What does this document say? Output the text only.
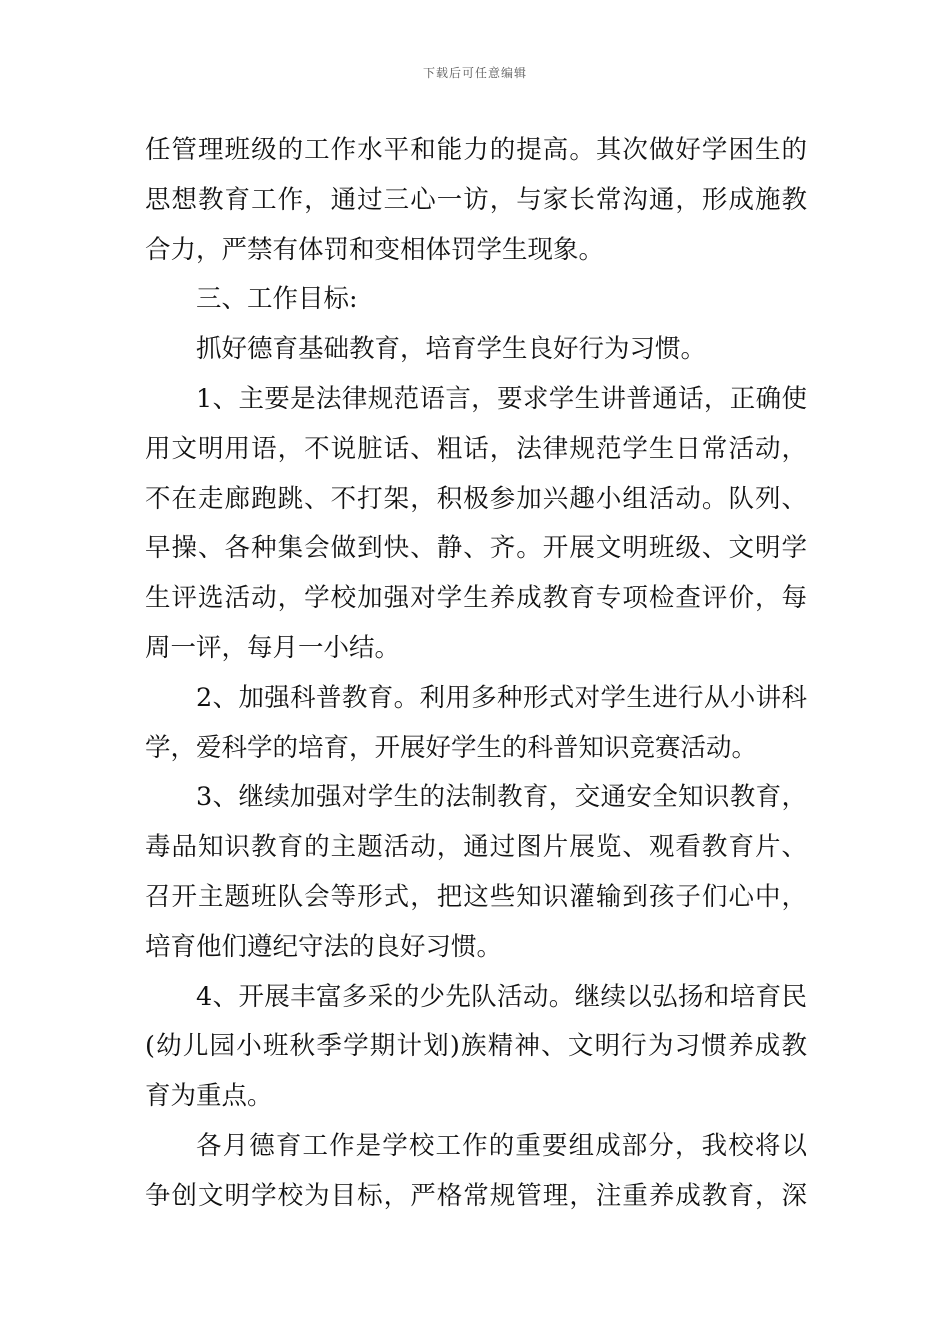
下载后可任意编辑
任管理班级的工作水平和能力的提高。其次做好学困生的
思想教育工作，通过三心一访，与家长常沟通，形成施教
合力，严禁有体罚和变相体罚学生现象。
三、工作目标:
抓好德育基础教育，培育学生良好行为习惯。
1、主要是法律规范语言，要求学生讲普通话，正确使
用文明用语，不说脏话、粗话，法律规范学生日常活动，
不在走廊跑跳、不打架，积极参加兴趣小组活动。队列、
早操、各种集会做到快、静、齐。开展文明班级、文明学
生评选活动，学校加强对学生养成教育专项检查评价，每
周一评，每月一小结。
2、加强科普教育。利用多种形式对学生进行从小讲科
学，爱科学的培育，开展好学生的科普知识竞赛活动。
3、继续加强对学生的法制教育，交通安全知识教育，
毒品知识教育的主题活动，通过图片展览、观看教育片、
召开主题班队会等形式，把这些知识灌输到孩子们心中，
培育他们遵纪守法的良好习惯。
4、开展丰富多采的少先队活动。继续以弘扬和培育民
(幼儿园小班秋季学期计划)族精神、文明行为习惯养成教
育为重点。
各月德育工作是学校工作的重要组成部分，我校将以
争创文明学校为目标，严格常规管理，注重养成教育，深
